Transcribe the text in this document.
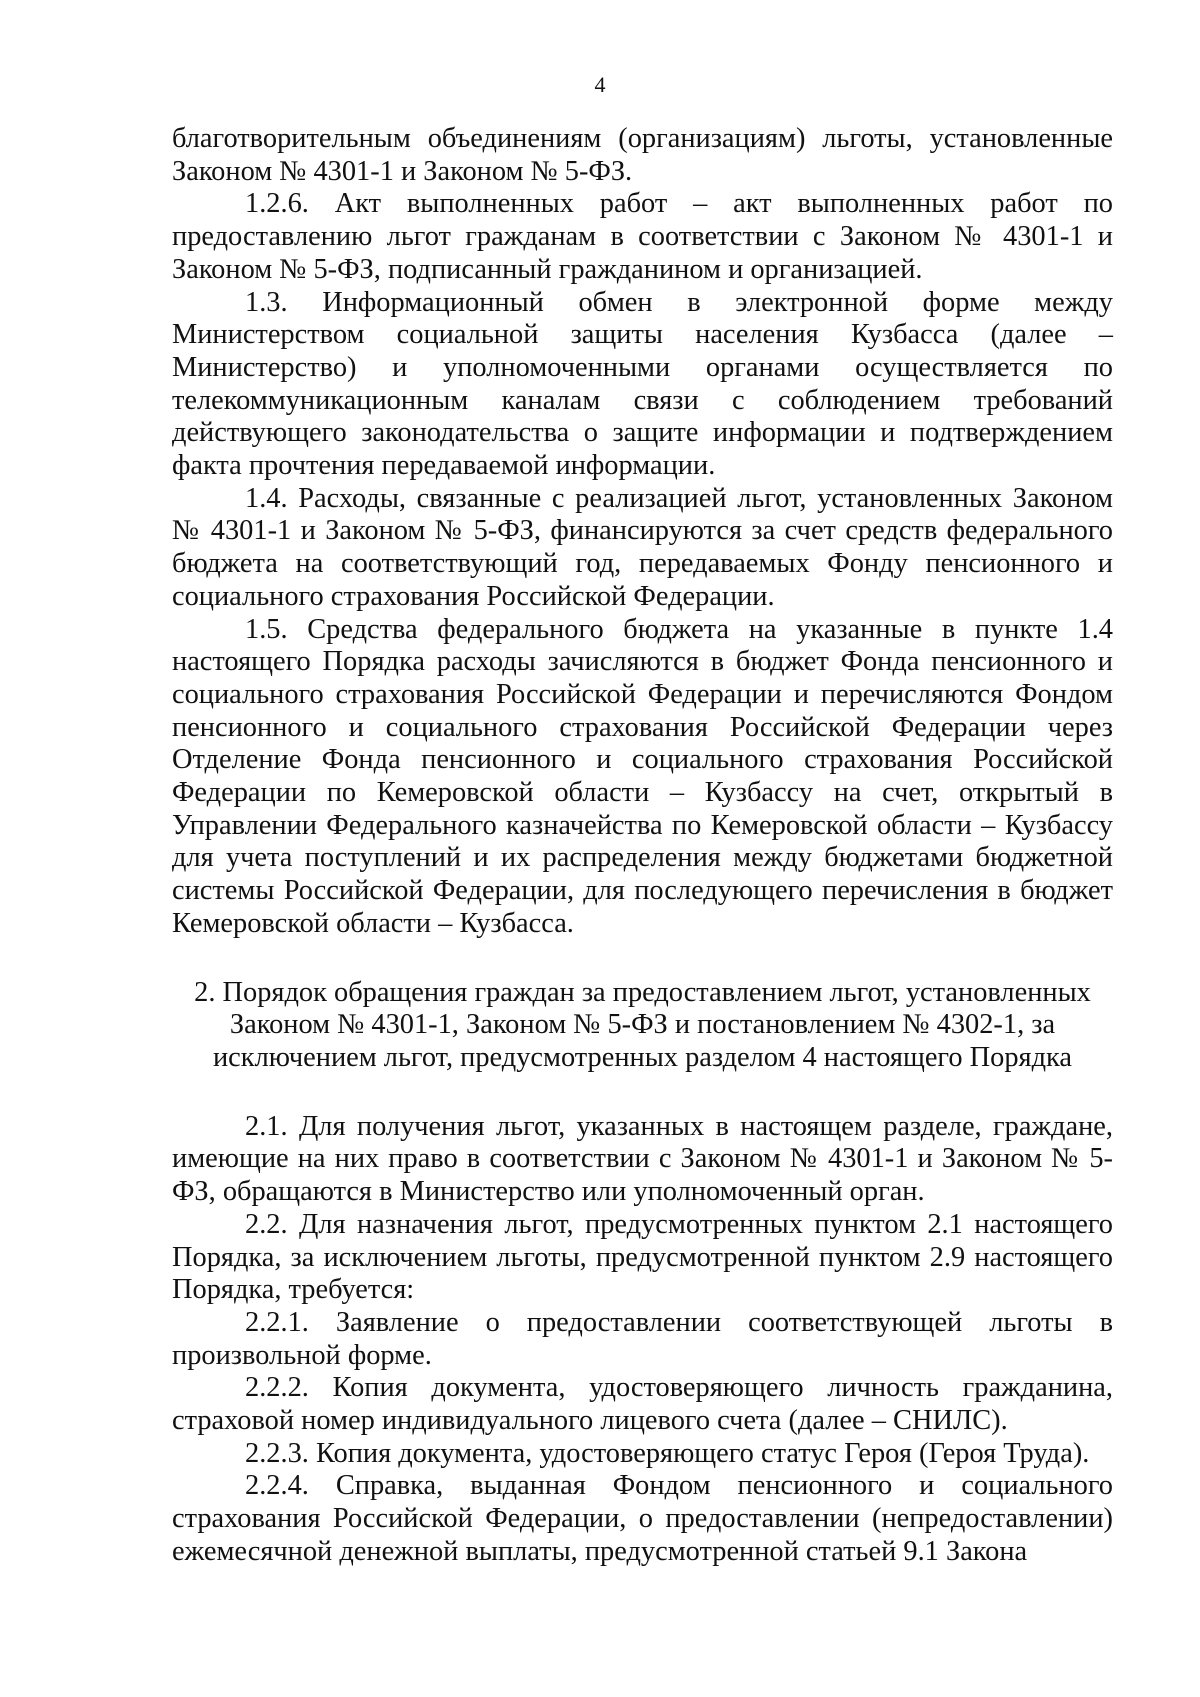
4

благотворительным объединениям (организациям) льготы, установленные Законом № 4301-1 и Законом № 5-ФЗ.

1.2.6. Акт выполненных работ – акт выполненных работ по предоставлению льгот гражданам в соответствии с Законом № 4301-1 и Законом № 5-ФЗ, подписанный гражданином и организацией.

1.3. Информационный обмен в электронной форме между Министерством социальной защиты населения Кузбасса (далее – Министерство) и уполномоченными органами осуществляется по телекоммуникационным каналам связи с соблюдением требований действующего законодательства о защите информации и подтверждением факта прочтения передаваемой информации.

1.4. Расходы, связанные с реализацией льгот, установленных Законом № 4301-1 и Законом № 5-ФЗ, финансируются за счет средств федерального бюджета на соответствующий год, передаваемых Фонду пенсионного и социального страхования Российской Федерации.

1.5. Средства федерального бюджета на указанные в пункте 1.4 настоящего Порядка расходы зачисляются в бюджет Фонда пенсионного и социального страхования Российской Федерации и перечисляются Фондом пенсионного и социального страхования Российской Федерации через Отделение Фонда пенсионного и социального страхования Российской Федерации по Кемеровской области – Кузбассу на счет, открытый в Управлении Федерального казначейства по Кемеровской области – Кузбассу для учета поступлений и их распределения между бюджетами бюджетной системы Российской Федерации, для последующего перечисления в бюджет Кемеровской области – Кузбасса.

2. Порядок обращения граждан за предоставлением льгот, установленных
Законом № 4301-1, Законом № 5-ФЗ и постановлением № 4302-1, за
исключением льгот, предусмотренных разделом 4 настоящего Порядка

2.1. Для получения льгот, указанных в настоящем разделе, граждане, имеющие на них право в соответствии с Законом № 4301-1 и Законом № 5-ФЗ, обращаются в Министерство или уполномоченный орган.

2.2. Для назначения льгот, предусмотренных пунктом 2.1 настоящего Порядка, за исключением льготы, предусмотренной пунктом 2.9 настоящего Порядка, требуется:

2.2.1. Заявление о предоставлении соответствующей льготы в произвольной форме.

2.2.2. Копия документа, удостоверяющего личность гражданина, страховой номер индивидуального лицевого счета (далее – СНИЛС).

2.2.3. Копия документа, удостоверяющего статус Героя (Героя Труда).

2.2.4. Справка, выданная Фондом пенсионного и социального страхования Российской Федерации, о предоставлении (непредоставлении) ежемесячной денежной выплаты, предусмотренной статьей 9.1 Закона
